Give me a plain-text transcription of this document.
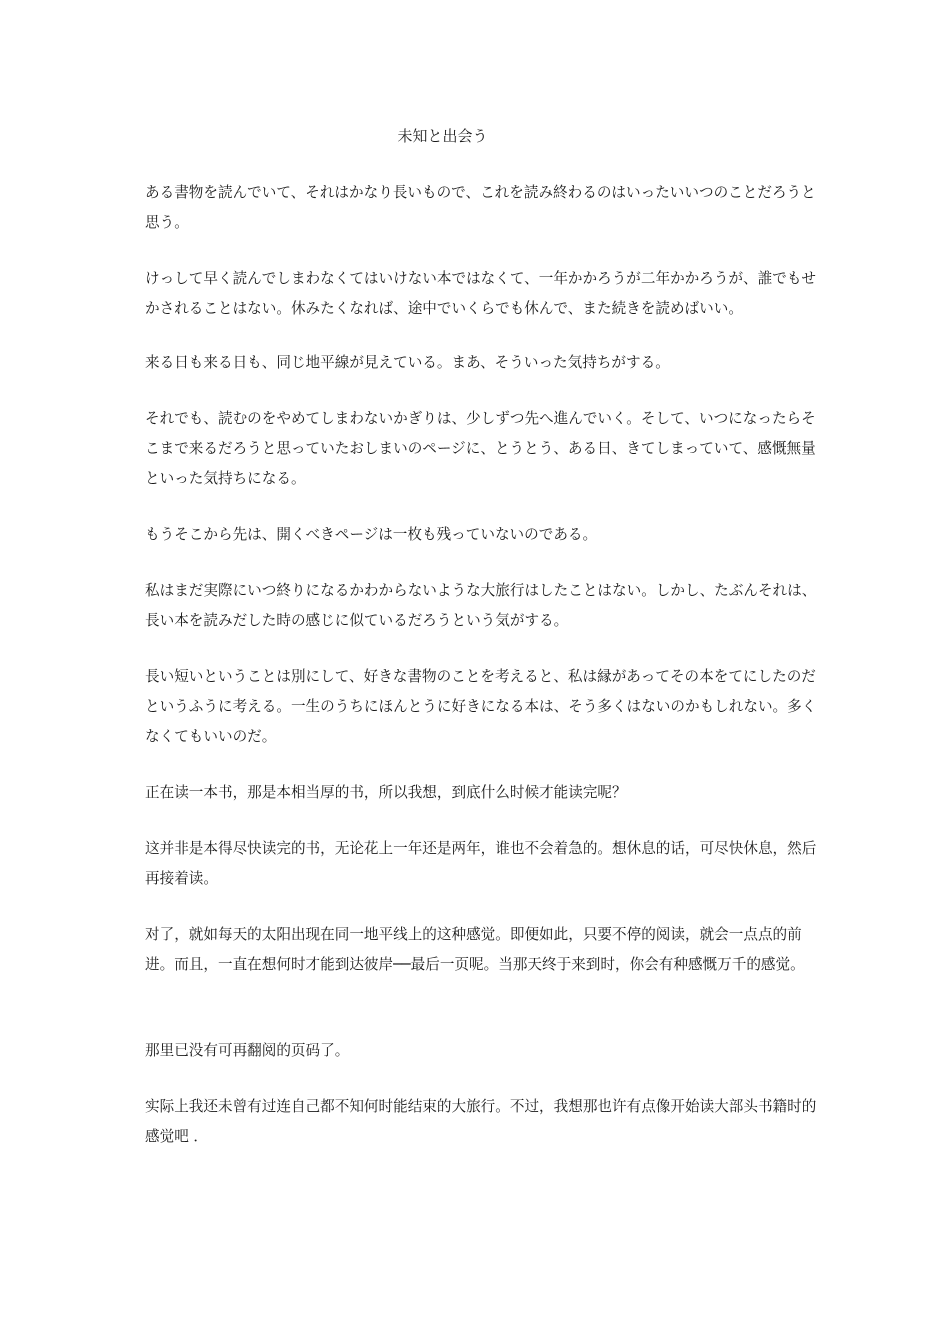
未知と出会う

ある書物を読んでいて、それはかなり長いもので、これを読み終わるのはいったいいつのことだろうと思う。

けっして早く読んでしまわなくてはいけない本ではなくて、一年かかろうが二年かかろうが、誰でもせかされることはない。休みたくなれば、途中でいくらでも休んで、また続きを読めばいい。

来る日も来る日も、同じ地平線が見えている。まあ、そういった気持ちがする。

それでも、読むのをやめてしまわないかぎりは、少しずつ先へ進んでいく。そして、いつになったらそこまで来るだろうと思っていたおしまいのページに、とうとう、ある日、きてしまっていて、感慨無量といった気持ちになる。

もうそこから先は、開くべきページは一枚も残っていないのである。

私はまだ実際にいつ終りになるかわからないような大旅行はしたことはない。しかし、たぶんそれは、長い本を読みだした時の感じに似ているだろうという気がする。

長い短いということは別にして、好きな書物のことを考えると、私は縁があってその本をてにしたのだというふうに考える。一生のうちにほんとうに好きになる本は、そう多くはないのかもしれない。多くなくてもいいのだ。

正在读一本书，那是本相当厚的书，所以我想，到底什么时候才能读完呢？

这并非是本得尽快读完的书，无论花上一年还是两年，谁也不会着急的。想休息的话，可尽快休息，然后再接着读。

对了，就如每天的太阳出现在同一地平线上的这种感觉。即便如此，只要不停的阅读，就会一点点的前进。而且，一直在想何时才能到达彼岸──最后一页呢。当那天终于来到时，你会有种感慨万千的感觉。

那里已没有可再翻阅的页码了。

实际上我还未曾有过连自己都不知何时能结束的大旅行。不过，我想那也许有点像开始读大部头书籍时的感觉吧 ．
